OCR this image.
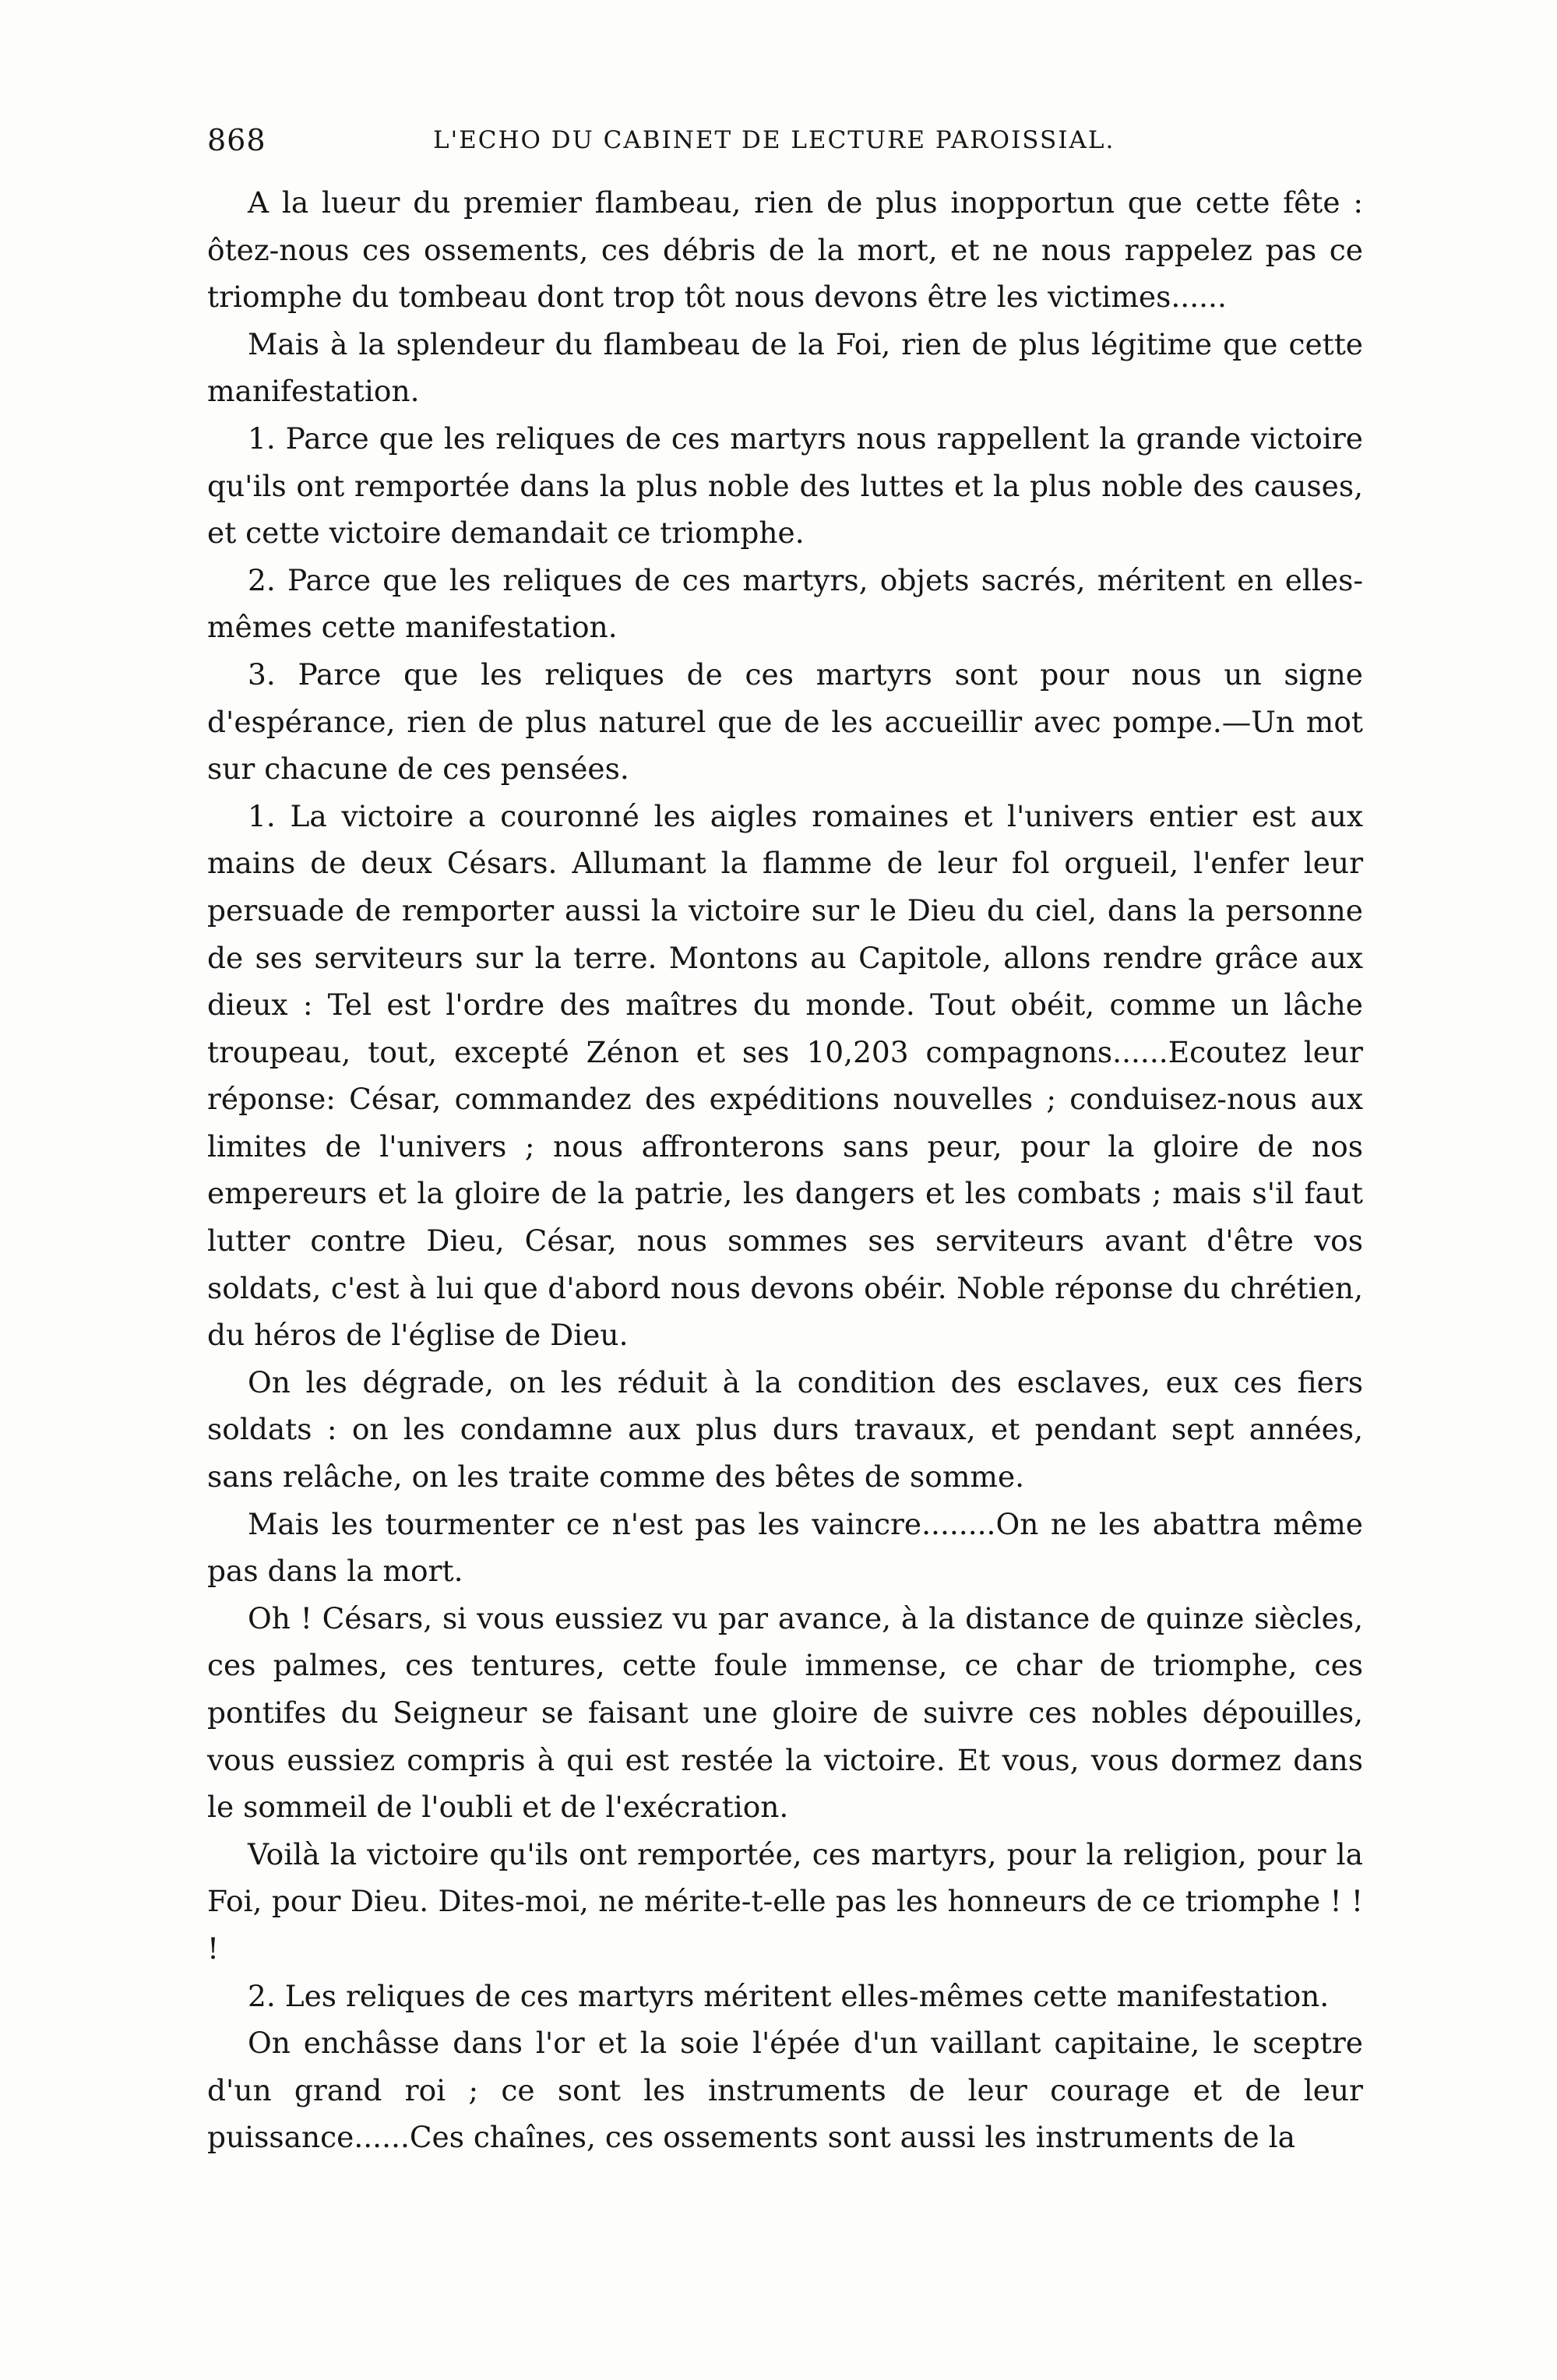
868	L'ECHO DU CABINET DE LECTURE PAROISSIAL.

A la lueur du premier flambeau, rien de plus inopportun que cette fête : ôtez-nous ces ossements, ces débris de la mort, et ne nous rappelez pas ce triomphe du tombeau dont trop tôt nous devons être les victimes......

Mais à la splendeur du flambeau de la Foi, rien de plus légitime que cette manifestation.

1. Parce que les reliques de ces martyrs nous rappellent la grande victoire qu'ils ont remportée dans la plus noble des luttes et la plus noble des causes, et cette victoire demandait ce triomphe.

2. Parce que les reliques de ces martyrs, objets sacrés, méritent en elles-mêmes cette manifestation.

3. Parce que les reliques de ces martyrs sont pour nous un signe d'espérance, rien de plus naturel que de les accueillir avec pompe.—Un mot sur chacune de ces pensées.

1. La victoire a couronné les aigles romaines et l'univers entier est aux mains de deux Césars. Allumant la flamme de leur fol orgueil, l'enfer leur persuade de remporter aussi la victoire sur le Dieu du ciel, dans la personne de ses serviteurs sur la terre. Montons au Capitole, allons rendre grâce aux dieux : Tel est l'ordre des maîtres du monde. Tout obéit, comme un lâche troupeau, tout, excepté Zénon et ses 10,203 compagnons......Ecoutez leur réponse: César, commandez des expéditions nouvelles ; conduisez-nous aux limites de l'univers ; nous affronterons sans peur, pour la gloire de nos empereurs et la gloire de la patrie, les dangers et les combats ; mais s'il faut lutter contre Dieu, César, nous sommes ses serviteurs avant d'être vos soldats, c'est à lui que d'abord nous devons obéir. Noble réponse du chrétien, du héros de l'église de Dieu.

On les dégrade, on les réduit à la condition des esclaves, eux ces fiers soldats : on les condamne aux plus durs travaux, et pendant sept années, sans relâche, on les traite comme des bêtes de somme.

Mais les tourmenter ce n'est pas les vaincre........On ne les abattra même pas dans la mort.

Oh ! Césars, si vous eussiez vu par avance, à la distance de quinze siècles, ces palmes, ces tentures, cette foule immense, ce char de triomphe, ces pontifes du Seigneur se faisant une gloire de suivre ces nobles dépouilles, vous eussiez compris à qui est restée la victoire. Et vous, vous dormez dans le sommeil de l'oubli et de l'exécration.

Voilà la victoire qu'ils ont remportée, ces martyrs, pour la religion, pour la Foi, pour Dieu. Dites-moi, ne mérite-t-elle pas les honneurs de ce triomphe ! ! !

2. Les reliques de ces martyrs méritent elles-mêmes cette manifestation.

On enchâsse dans l'or et la soie l'épée d'un vaillant capitaine, le sceptre d'un grand roi ; ce sont les instruments de leur courage et de leur puissance......Ces chaînes, ces ossements sont aussi les instruments de la
